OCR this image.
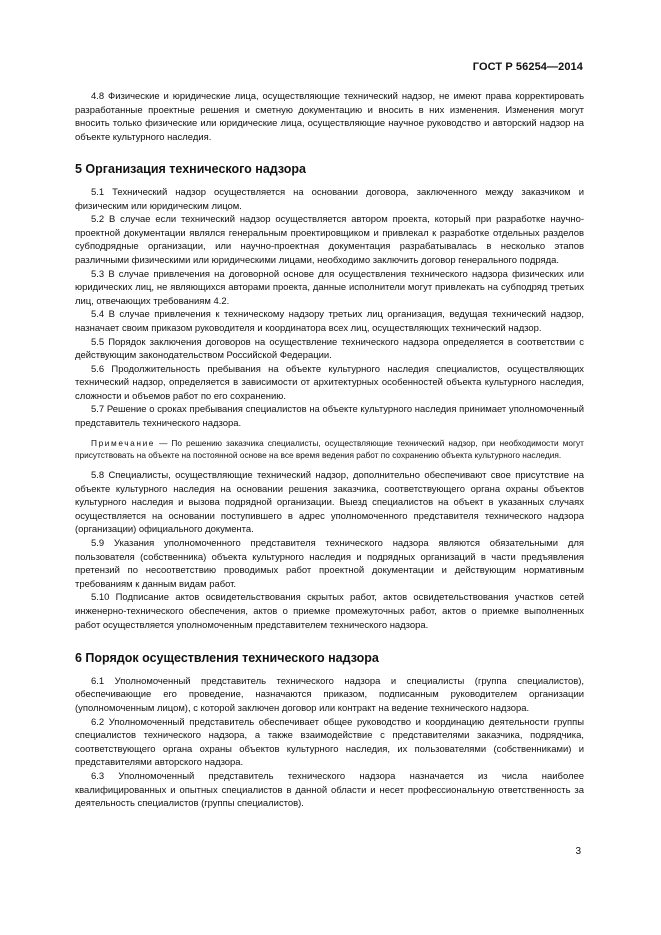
ГОСТ Р 56254—2014

4.8 Физические и юридические лица, осуществляющие технический надзор, не имеют права корректировать разработанные проектные решения и сметную документацию и вносить в них изменения. Изменения могут вносить только физические или юридические лица, осуществляющие научное руководство и авторский надзор на объекте культурного наследия.

5 Организация технического надзора

5.1 Технический надзор осуществляется на основании договора, заключенного между заказчиком и физическим или юридическим лицом.

5.2 В случае если технический надзор осуществляется автором проекта, который при разработке научно-проектной документации являлся генеральным проектировщиком и привлекал к разработке отдельных разделов субподрядные организации, или научно-проектная документация разрабатывалась в несколько этапов различными физическими или юридическими лицами, необходимо заключить договор генерального подряда.

5.3 В случае привлечения на договорной основе для осуществления технического надзора физических или юридических лиц, не являющихся авторами проекта, данные исполнители могут привлекать на субподряд третьих лиц, отвечающих требованиям 4.2.

5.4 В случае привлечения к техническому надзору третьих лиц организация, ведущая технический надзор, назначает своим приказом руководителя и координатора всех лиц, осуществляющих технический надзор.

5.5 Порядок заключения договоров на осуществление технического надзора определяется в соответствии с действующим законодательством Российской Федерации.

5.6 Продолжительность пребывания на объекте культурного наследия специалистов, осуществляющих технический надзор, определяется в зависимости от архитектурных особенностей объекта культурного наследия, сложности и объемов работ по его сохранению.

5.7 Решение о сроках пребывания специалистов на объекте культурного наследия принимает уполномоченный представитель технического надзора.

Примечание — По решению заказчика специалисты, осуществляющие технический надзор, при необходимости могут присутствовать на объекте на постоянной основе на все время ведения работ по сохранению объекта культурного наследия.

5.8 Специалисты, осуществляющие технический надзор, дополнительно обеспечивают свое присутствие на объекте культурного наследия на основании решения заказчика, соответствующего органа охраны объектов культурного наследия и вызова подрядной организации. Выезд специалистов на объект в указанных случаях осуществляется на основании поступившего в адрес уполномоченного представителя технического надзора (организации) официального документа.

5.9 Указания уполномоченного представителя технического надзора являются обязательными для пользователя (собственника) объекта культурного наследия и подрядных организаций в части предъявления претензий по несоответствию проводимых работ проектной документации и действующим нормативным требованиям к данным видам работ.

5.10 Подписание актов освидетельствования скрытых работ, актов освидетельствования участков сетей инженерно-технического обеспечения, актов о приемке промежуточных работ, актов о приемке выполненных работ осуществляется уполномоченным представителем технического надзора.

6 Порядок осуществления технического надзора

6.1 Уполномоченный представитель технического надзора и специалисты (группа специалистов), обеспечивающие его проведение, назначаются приказом, подписанным руководителем организации (уполномоченным лицом), с которой заключен договор или контракт на ведение технического надзора.

6.2 Уполномоченный представитель обеспечивает общее руководство и координацию деятельности группы специалистов технического надзора, а также взаимодействие с представителями заказчика, подрядчика, соответствующего органа охраны объектов культурного наследия, их пользователями (собственниками) и представителями авторского надзора.

6.3 Уполномоченный представитель технического надзора назначается из числа наиболее квалифицированных и опытных специалистов в данной области и несет профессиональную ответственность за деятельность специалистов (группы специалистов).

3
